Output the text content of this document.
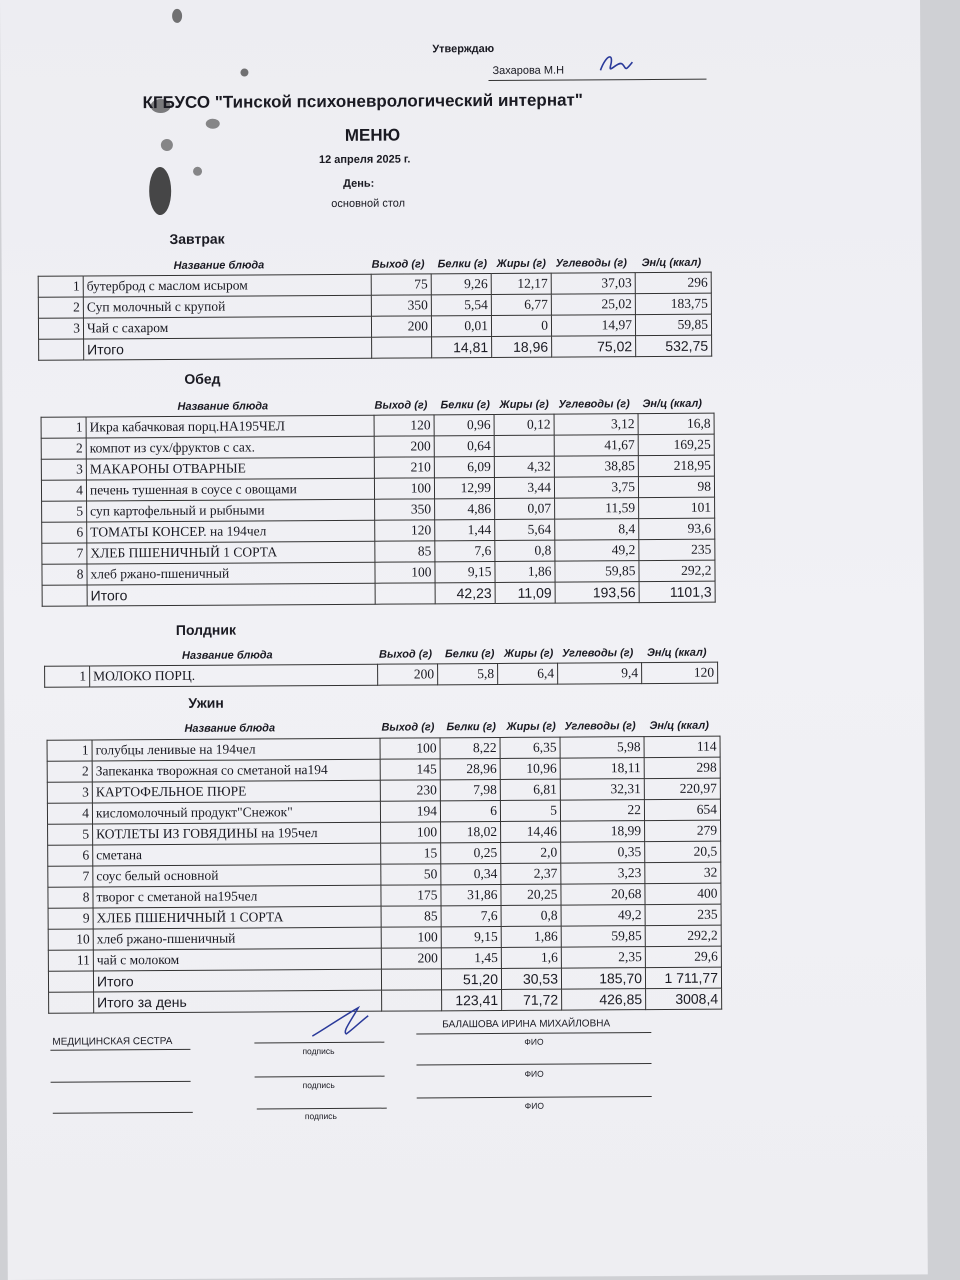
Утверждаю
Захарова М.Н
КГБУСО "Тинской психоневрологический интернат"
МЕНЮ
12 апреля 2025 г.
День:
основной стол
Завтрак
Название блюда	Выход (г) Белки (г) Жиры (г) Углеводы (г) Эн/ц (ккал)
1	бутерброд с маслом исыром	75	9,26	12,17	37,03	296
2	Суп молочный с крупой	350	5,54	6,77	25,02	183,75
3	Чай с сахаром	200	0,01	0	14,97	59,85
	Итого		14,81	18,96	75,02	532,75
Обед
Название блюда	Выход (г) Белки (г) Жиры (г) Углеводы (г) Эн/ц (ккал)
1	Икра кабачковая порц.НА195ЧЕЛ	120	0,96	0,12	3,12	16,8
2	компот из сух/фруктов с сах.	200	0,64		41,67	169,25
3	МАКАРОНЫ ОТВАРНЫЕ	210	6,09	4,32	38,85	218,95
4	печень тушенная в соусе с овощами	100	12,99	3,44	3,75	98
5	суп картофельный и рыбными	350	4,86	0,07	11,59	101
6	ТОМАТЫ КОНСЕР. на 194чел	120	1,44	5,64	8,4	93,6
7	ХЛЕБ ПШЕНИЧНЫЙ 1 СОРТА	85	7,6	0,8	49,2	235
8	хлеб ржано-пшеничный	100	9,15	1,86	59,85	292,2
	Итого		42,23	11,09	193,56	1101,3
Полдник
Название блюда	Выход (г) Белки (г) Жиры (г) Углеводы (г) Эн/ц (ккал)
1	МОЛОКО ПОРЦ.	200	5,8	6,4	9,4	120
Ужин
Название блюда	Выход (г) Белки (г) Жиры (г) Углеводы (г) Эн/ц (ккал)
1	голубцы ленивые на 194чел	100	8,22	6,35	5,98	114
2	Запеканка творожная со сметаной на194	145	28,96	10,96	18,11	298
3	КАРТОФЕЛЬНОЕ ПЮРЕ	230	7,98	6,81	32,31	220,97
4	кисломолочный продукт"Снежок"	194	6	5	22	654
5	КОТЛЕТЫ ИЗ ГОВЯДИНЫ на 195чел	100	18,02	14,46	18,99	279
6	сметана	15	0,25	2,0	0,35	20,5
7	соус белый основной	50	0,34	2,37	3,23	32
8	творог с сметаной на195чел	175	31,86	20,25	20,68	400
9	ХЛЕБ ПШЕНИЧНЫЙ 1 СОРТА	85	7,6	0,8	49,2	235
10	хлеб ржано-пшеничный	100	9,15	1,86	59,85	292,2
11	чай с молоком	200	1,45	1,6	2,35	29,6
	Итого		51,20	30,53	185,70	1 711,77
	Итого за день		123,41	71,72	426,85	3008,4
МЕДИЦИНСКАЯ СЕСТРА
подпись
БАЛАШОВА ИРИНА МИХАЙЛОВНА
ФИО
подпись
ФИО
подпись
ФИО
